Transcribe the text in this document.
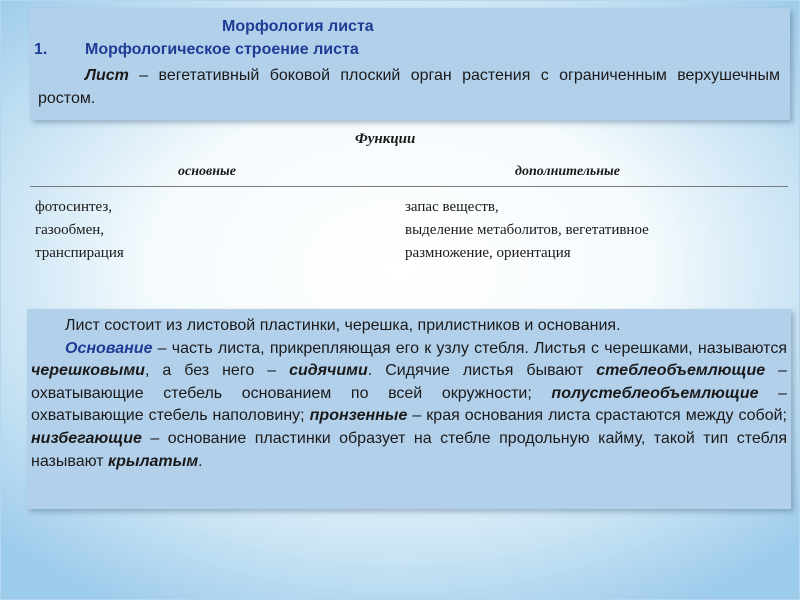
Морфология листа
1. Морфологическое строение листа
Лист – вегетативный боковой плоский орган растения с ограниченным верхушечным ростом.
Функции
основные	дополнительные
фотосинтез,
газообмен,
транспирация
запас веществ,
выделение метаболитов, вегетативное
размножение, ориентация
Лист состоит из листовой пластинки, черешка, прилистников и основания.
Основание – часть листа, прикрепляющая его к узлу стебля. Листья с черешками, называются черешковыми, а без него – сидячими. Сидячие листья бывают стеблеобъемлющие – охватывающие стебель основанием по всей окружности; полустеблеобъемлющие – охватывающие стебель наполовину; пронзенные – края основания листа срастаются между собой; низбегающие – основание пластинки образует на стебле продольную кайму, такой тип стебля называют крылатым.
